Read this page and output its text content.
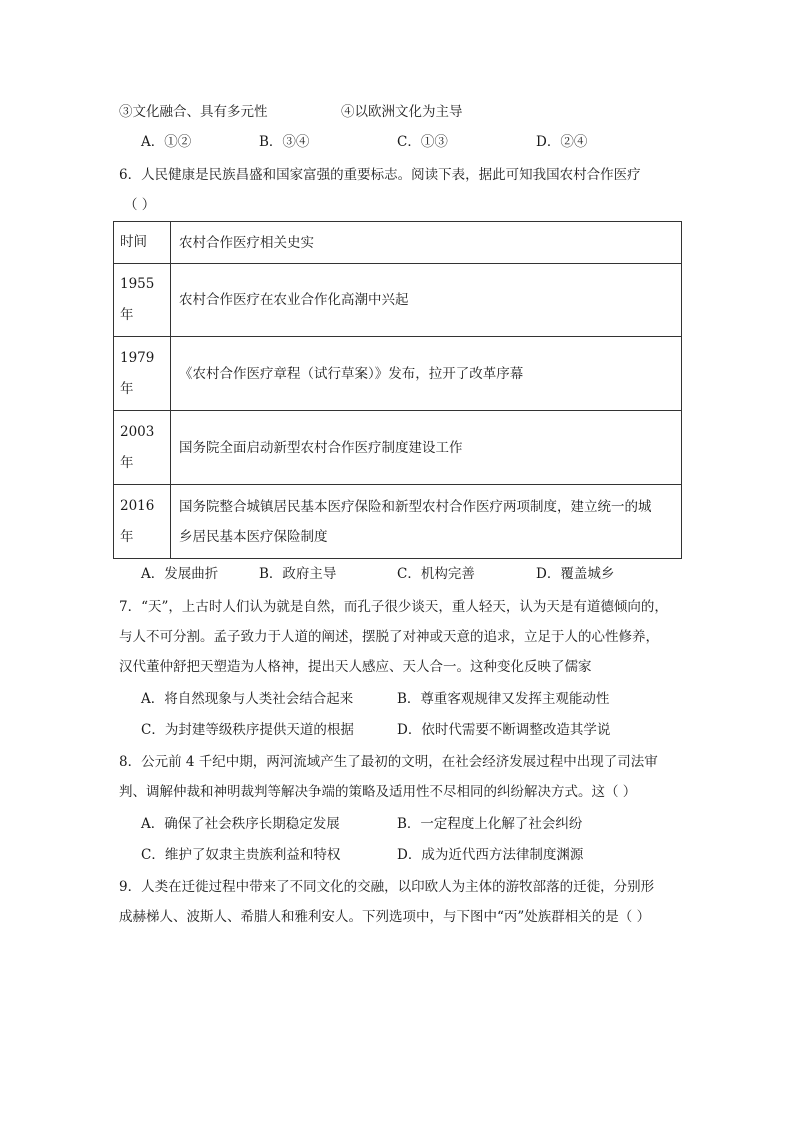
③文化融合、具有多元性	④以欧洲文化为主导
A．①②	B．③④	C．①③	D．②④
6．人民健康是民族昌盛和国家富强的重要标志。阅读下表，据此可知我国农村合作医疗
（ ）
时间	农村合作医疗相关史实

1955
年	农村合作医疗在农业合作化高潮中兴起

1979
年	《农村合作医疗章程（试行草案）》发布，拉开了改革序幕

2003
年	国务院全面启动新型农村合作医疗制度建设工作

2016
年	国务院整合城镇居民基本医疗保险和新型农村合作医疗两项制度，建立统一的城
乡居民基本医疗保险制度
A．发展曲折	B．政府主导	C．机构完善	D．覆盖城乡
7．“天”，上古时人们认为就是自然，而孔子很少谈天，重人轻天，认为天是有道德倾向的，
与人不可分割。孟子致力于人道的阐述，摆脱了对神或天意的追求，立足于人的心性修养，
汉代董仲舒把天塑造为人格神，提出天人感应、天人合一。这种变化反映了儒家
A．将自然现象与人类社会结合起来	B．尊重客观规律又发挥主观能动性
C．为封建等级秩序提供天道的根据	D．依时代需要不断调整改造其学说
8．公元前 4 千纪中期，两河流域产生了最初的文明，在社会经济发展过程中出现了司法审
判、调解仲裁和神明裁判等解决争端的策略及适用性不尽相同的纠纷解决方式。这（ ）
A．确保了社会秩序长期稳定发展	B．一定程度上化解了社会纠纷
C．维护了奴隶主贵族利益和特权	D．成为近代西方法律制度渊源
9．人类在迁徙过程中带来了不同文化的交融，以印欧人为主体的游牧部落的迁徙，分别形
成赫梯人、波斯人、希腊人和雅利安人。下列选项中，与下图中“丙”处族群相关的是（ ）
